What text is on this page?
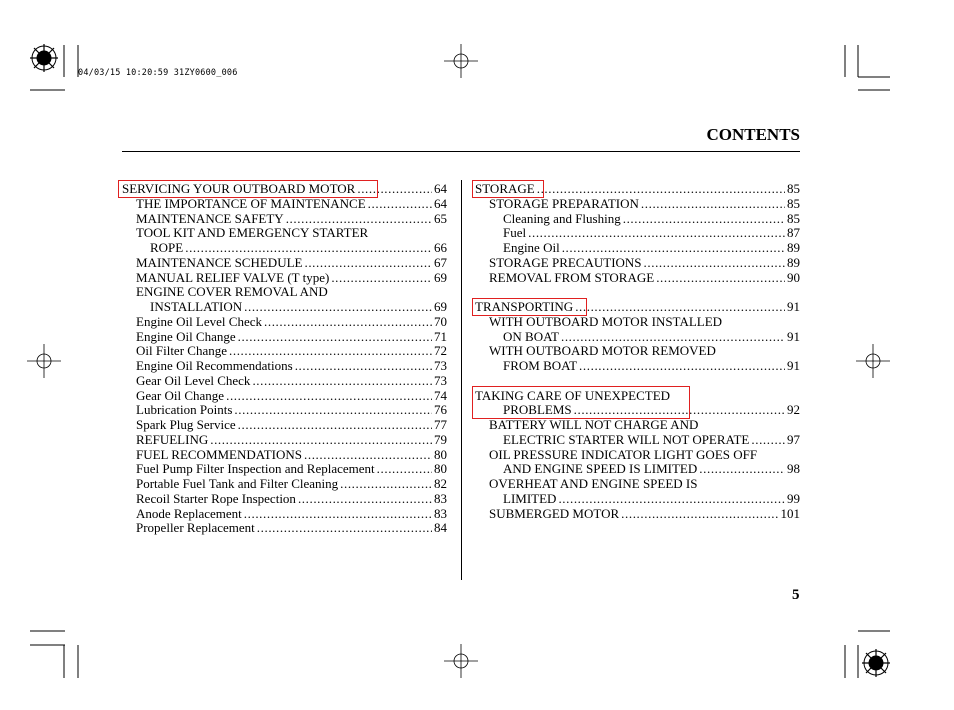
04/03/15 10:20:59 31ZY0600_006
CONTENTS
SERVICING YOUR OUTBOARD MOTOR .....	64
THE IMPORTANCE OF MAINTENANCE .....	64
MAINTENANCE SAFETY .....	65
TOOL KIT AND EMERGENCY STARTER
ROPE .....	66
MAINTENANCE SCHEDULE .....	67
MANUAL RELIEF VALVE (T type) .....	69
ENGINE COVER REMOVAL AND
INSTALLATION .....	69
Engine Oil Level Check .....	70
Engine Oil Change .....	71
Oil Filter Change .....	72
Engine Oil Recommendations .....	73
Gear Oil Level Check .....	73
Gear Oil Change .....	74
Lubrication Points .....	76
Spark Plug Service .....	77
REFUELING .....	79
FUEL RECOMMENDATIONS .....	80
Fuel Pump Filter Inspection and Replacement .....	80
Portable Fuel Tank and Filter Cleaning .....	82
Recoil Starter Rope Inspection .....	83
Anode Replacement .....	83
Propeller Replacement .....	84
STORAGE .....	85
STORAGE PREPARATION .....	85
Cleaning and Flushing .....	85
Fuel .....	87
Engine Oil .....	89
STORAGE PRECAUTIONS .....	89
REMOVAL FROM STORAGE .....	90
TRANSPORTING .....	91
WITH OUTBOARD MOTOR INSTALLED
ON BOAT .....	91
WITH OUTBOARD MOTOR REMOVED
FROM BOAT .....	91
TAKING CARE OF UNEXPECTED
PROBLEMS .....	92
BATTERY WILL NOT CHARGE AND
ELECTRIC STARTER WILL NOT OPERATE .....	97
OIL PRESSURE INDICATOR LIGHT GOES OFF
AND ENGINE SPEED IS LIMITED .....	98
OVERHEAT AND ENGINE SPEED IS
LIMITED .....	99
SUBMERGED MOTOR .....	101
5
